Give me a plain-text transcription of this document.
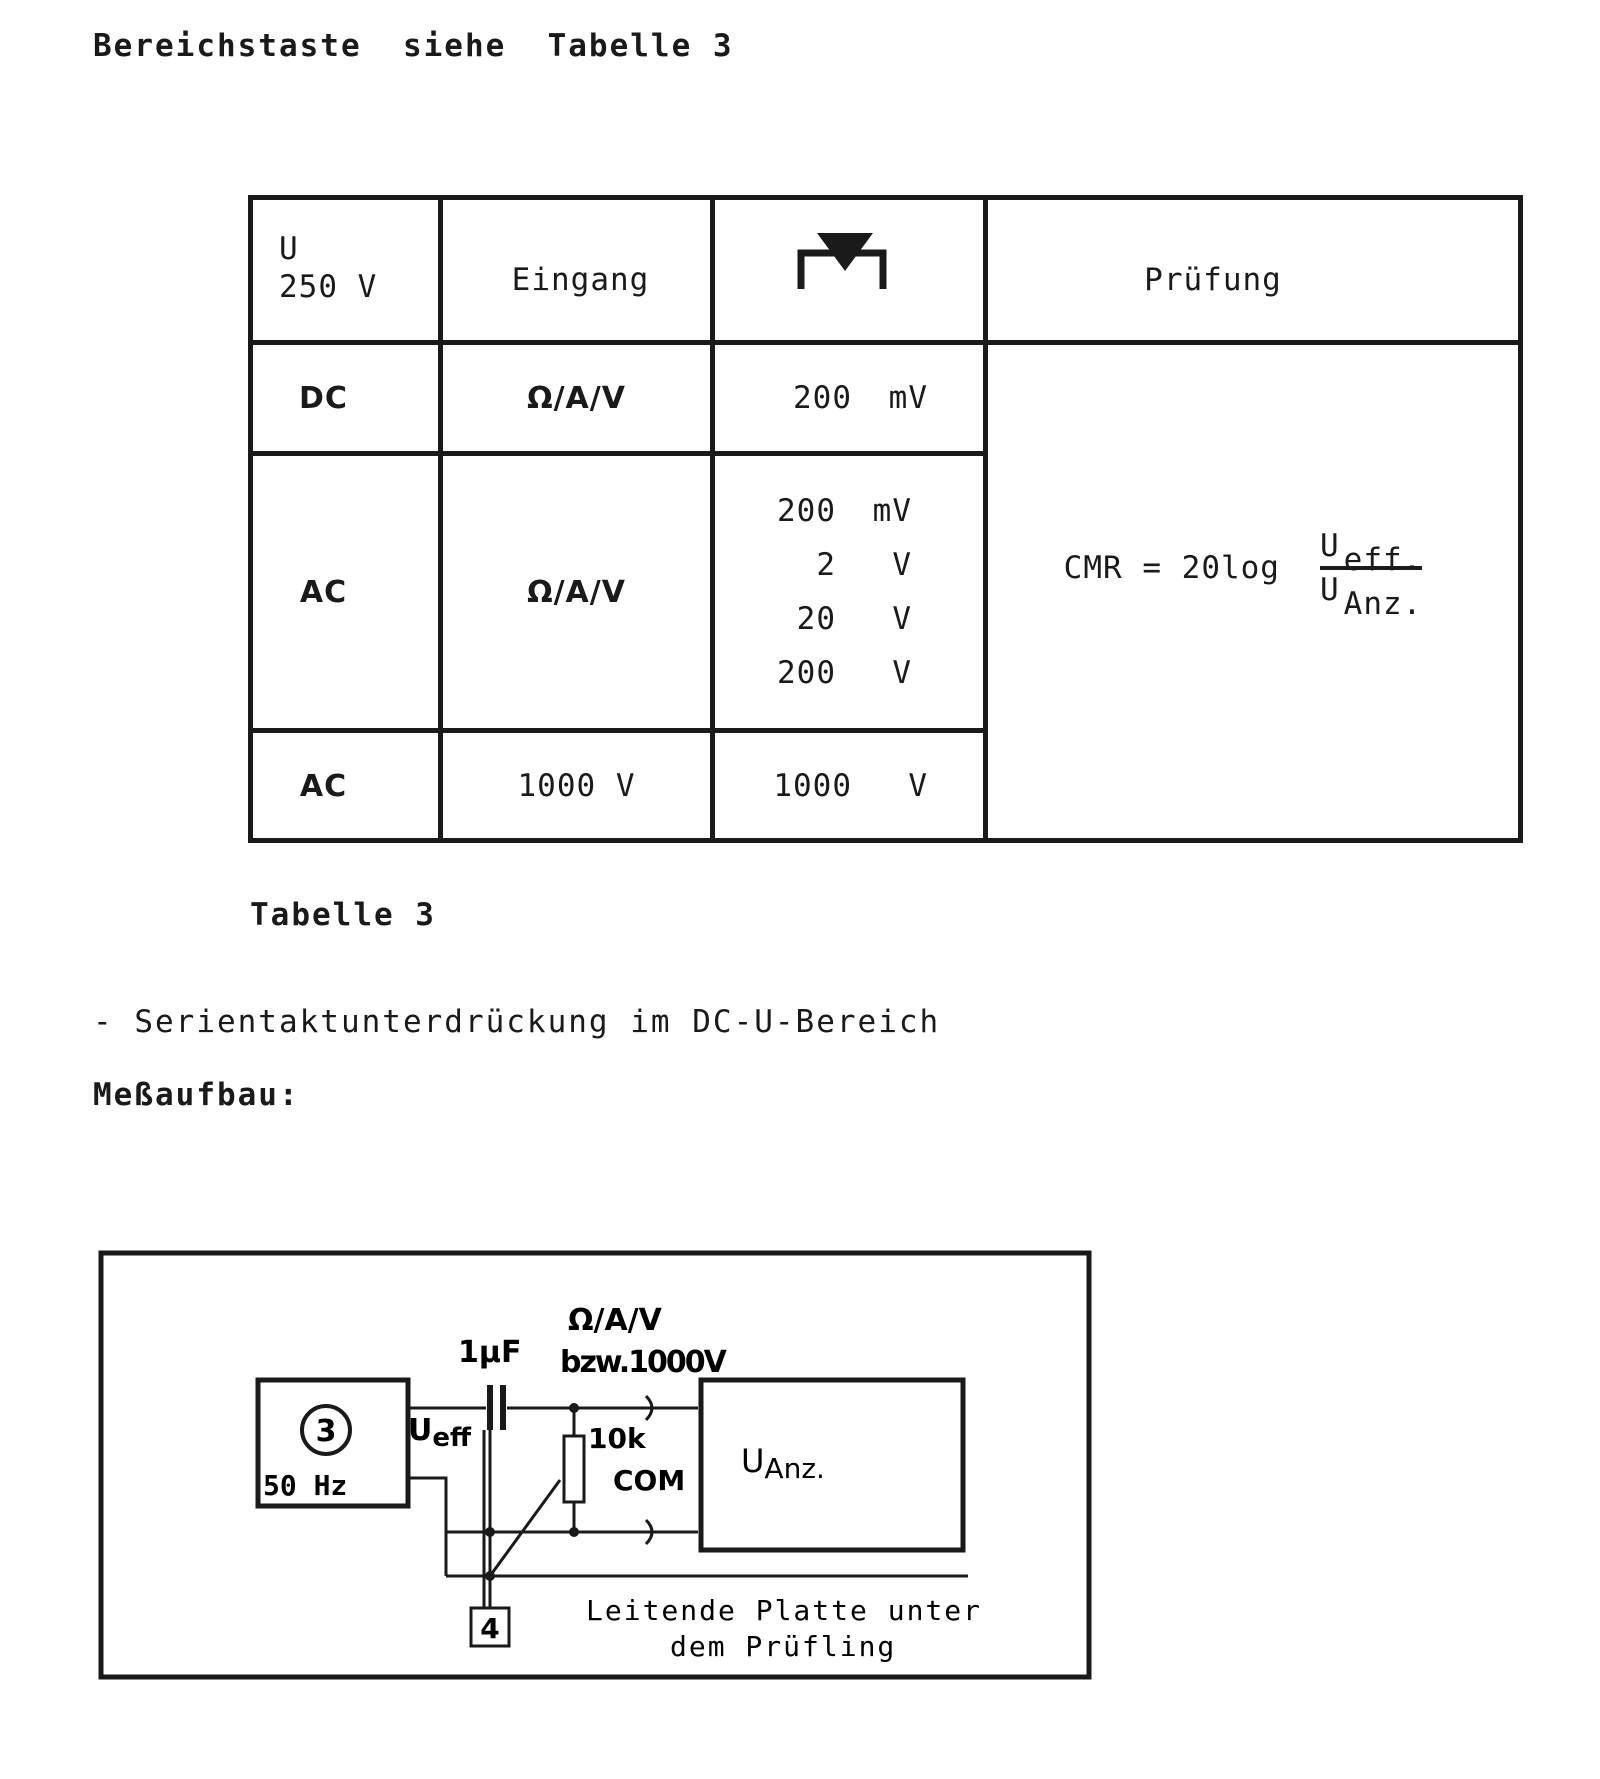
Bereichstaste  siehe  Tabelle 3
U
250 V	Eingang		Prüfung
DC	Ω/A/V	200 mV	CMR = $20\log \frac{\text{U eff.}}{\text{U Anz.}}$

AC	Ω/A/V	200 mV
2 V
20 V
200 V	

AC	1000 V	1000 V	
Tabelle 3
- Serientaktunterdrückung im DC-U-Bereich
Meßaufbau:
3
50 Hz
Ueff
1µF
Ω/A/V
bzw.1000V
10k
COM
UAnz.
4
Leitende Platte unter
dem Prüfling
